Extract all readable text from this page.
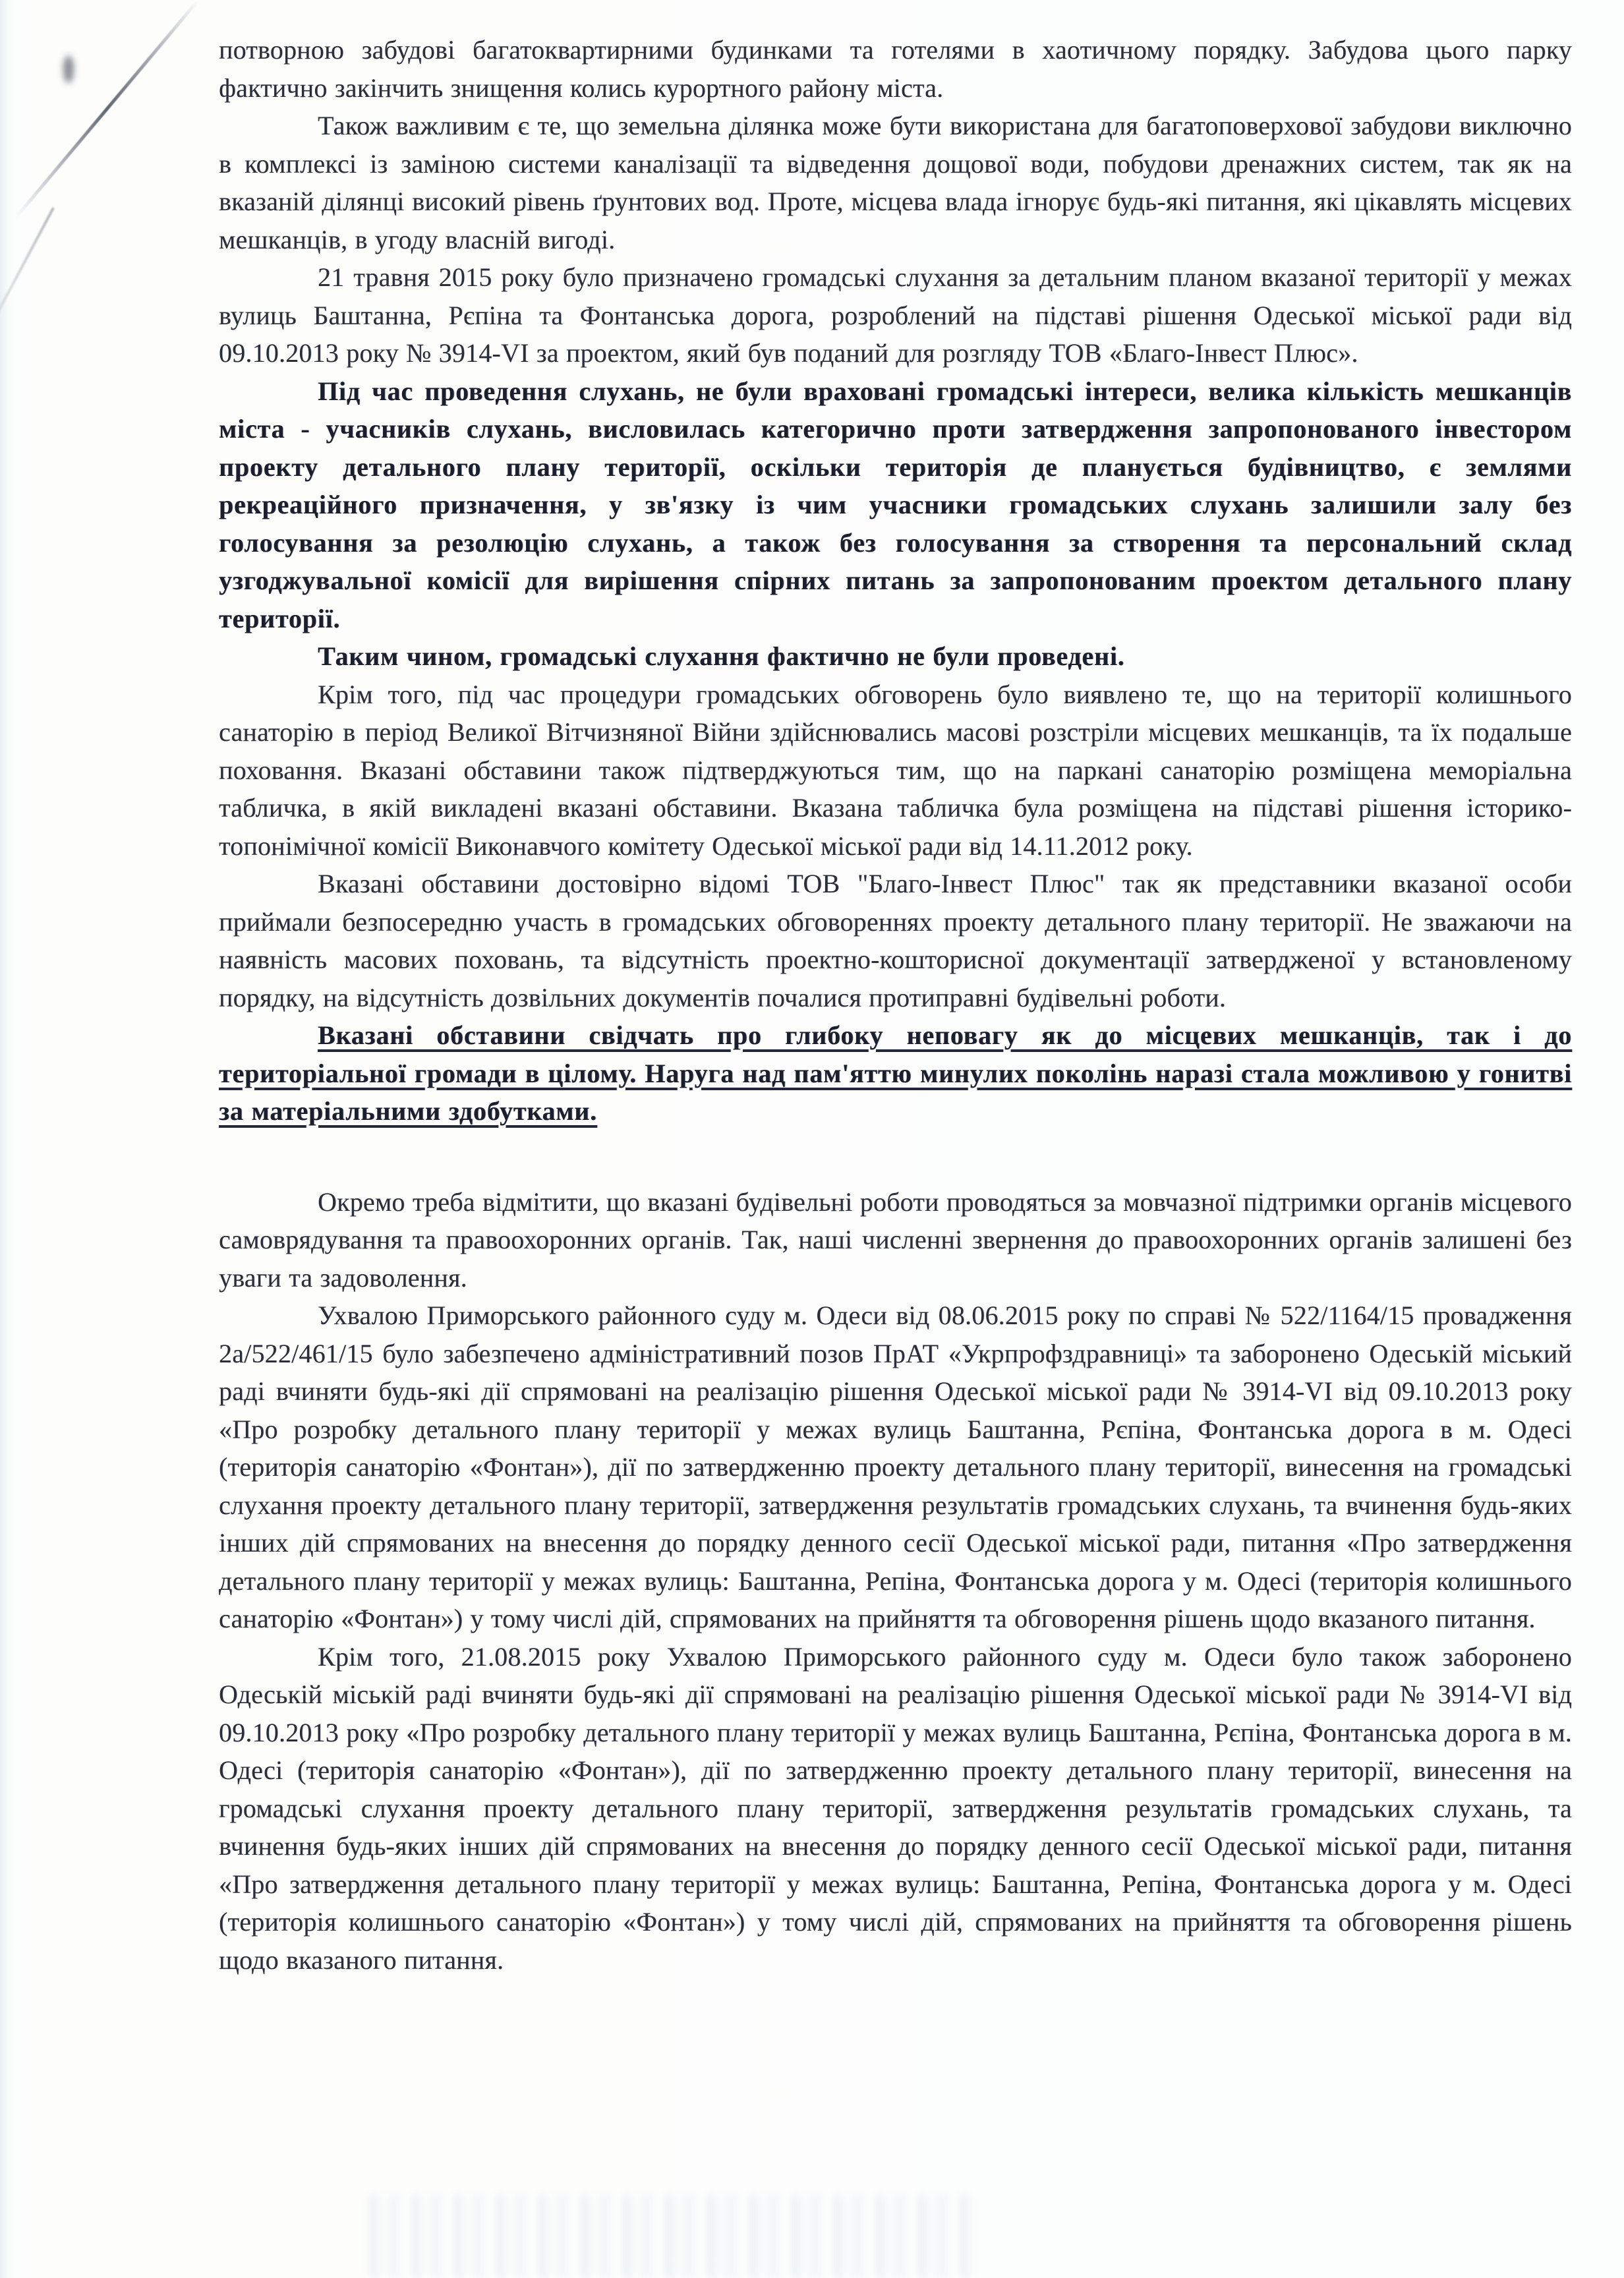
потворною забудові багатоквартирними будинками та готелями в хаотичному порядку. Забудова цього парку фактично закінчить знищення колись курортного району міста.

Також важливим є те, що земельна ділянка може бути використана для багатоповерхової забудови виключно в комплексі із заміною системи каналізації та відведення дощової води, побудови дренажних систем, так як на вказаній ділянці високий рівень ґрунтових вод. Проте, місцева влада ігнорує будь-які питання, які цікавлять місцевих мешканців, в угоду власній вигоді.

21 травня 2015 року було призначено громадські слухання за детальним планом вказаної території у межах вулиць Баштанна, Рєпіна та Фонтанська дорога, розроблений на підставі рішення Одеської міської ради від 09.10.2013 року № 3914-VI за проектом, який був поданий для розгляду ТОВ «Благо-Інвест Плюс».

Під час проведення слухань, не були враховані громадські інтереси, велика кількість мешканців міста - учасників слухань, висловилась категорично проти затвердження запропонованого інвестором проекту детального плану території, оскільки територія де планується будівництво, є землями рекреаційного призначення, у зв'язку із чим учасники громадських слухань залишили залу без голосування за резолюцію слухань, а також без голосування за створення та персональний склад узгоджувальної комісії для вирішення спірних питань за запропонованим проектом детального плану території.

Таким чином, громадські слухання фактично не були проведені.

Крім того, під час процедури громадських обговорень було виявлено те, що на території колишнього санаторію в період Великої Вітчизняної Війни здійснювались масові розстріли місцевих мешканців, та їх подальше поховання. Вказані обставини також підтверджуються тим, що на паркані санаторію розміщена меморіальна табличка, в якій викладені вказані обставини. Вказана табличка була розміщена на підставі рішення історико-топонімічної комісії Виконавчого комітету Одеської міської ради від 14.11.2012 року.

Вказані обставини достовірно відомі ТОВ "Благо-Інвест Плюс" так як представники вказаної особи приймали безпосередню участь в громадських обговореннях проекту детального плану території. Не зважаючи на наявність масових поховань, та відсутність проектно-кошторисної документації затвердженої у встановленому порядку, на відсутність дозвільних документів почалися протиправні будівельні роботи.

Вказані обставини свідчать про глибоку неповагу як до місцевих мешканців, так і до територіальної громади в цілому. Наруга над пам'яттю минулих поколінь наразі стала можливою у гонитві за матеріальними здобутками.

Окремо треба відмітити, що вказані будівельні роботи проводяться за мовчазної підтримки органів місцевого самоврядування та правоохоронних органів. Так, наші численні звернення до правоохоронних органів залишені без уваги та задоволення.

Ухвалою Приморського районного суду м. Одеси від 08.06.2015 року по справі № 522/1164/15 провадження 2а/522/461/15 було забезпечено адміністративний позов ПрАТ «Укрпрофздравниці» та заборонено Одеській міський раді вчиняти будь-які дії спрямовані на реалізацію рішення Одеської міської ради № 3914-VI від 09.10.2013 року «Про розробку детального плану території у межах вулиць Баштанна, Рєпіна, Фонтанська дорога в м. Одесі (територія санаторію «Фонтан»), дії по затвердженню проекту детального плану території, винесення на громадські слухання проекту детального плану території, затвердження результатів громадських слухань, та вчинення будь-яких інших дій спрямованих на внесення до порядку денного сесії Одеської міської ради, питання «Про затвердження детального плану території у межах вулиць: Баштанна, Репіна, Фонтанська дорога у м. Одесі (територія колишнього санаторію «Фонтан») у тому числі дій, спрямованих на прийняття та обговорення рішень щодо вказаного питання.

Крім того, 21.08.2015 року Ухвалою Приморського районного суду м. Одеси було також заборонено Одеській міській раді вчиняти будь-які дії спрямовані на реалізацію рішення Одеської міської ради № 3914-VI від 09.10.2013 року «Про розробку детального плану території у межах вулиць Баштанна, Рєпіна, Фонтанська дорога в м. Одесі (територія санаторію «Фонтан»), дії по затвердженню проекту детального плану території, винесення на громадські слухання проекту детального плану території, затвердження результатів громадських слухань, та вчинення будь-яких інших дій спрямованих на внесення до порядку денного сесії Одеської міської ради, питання «Про затвердження детального плану території у межах вулиць: Баштанна, Репіна, Фонтанська дорога у м. Одесі (територія колишнього санаторію «Фонтан») у тому числі дій, спрямованих на прийняття та обговорення рішень щодо вказаного питання.
